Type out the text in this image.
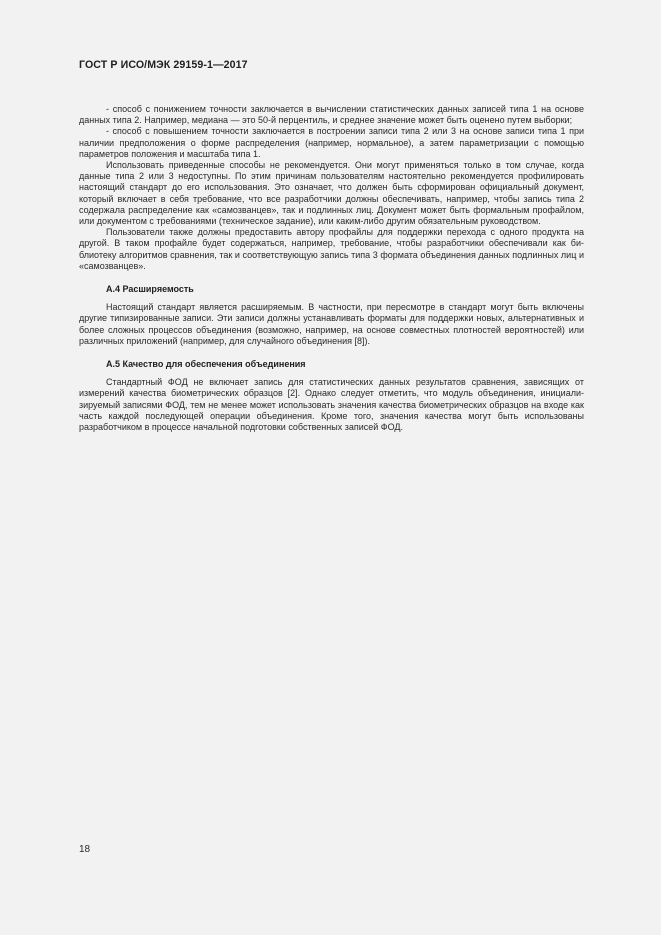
ГОСТ Р ИСО/МЭК 29159-1—2017

- способ с понижением точности заключается в вычислении статистических данных записей типа 1 на основе данных типа 2. Например, медиана — это 50-й перцентиль, и среднее значение может быть оценено путем выборки;

- способ с повышением точности заключается в построении записи типа 2 или 3 на основе записи типа 1 при наличии предположения о форме распределения (например, нормальное), а затем параметризации с помощью параметров положения и масштаба типа 1.

Использовать приведенные способы не рекомендуется. Они могут применяться только в том случае, когда данные типа 2 или 3 недоступны. По этим причинам пользователям настоятельно рекомендуется профилировать настоящий стандарт до его использования. Это означает, что должен быть сформирован официальный документ, который включает в себя требование, что все разработчики должны обеспечивать, например, чтобы запись типа 2 содержала распределение как «самозванцев», так и подлинных лиц. Документ может быть формальным профайлом, или документом с требованиями (техническое задание), или каким-либо другим обязательным руководством.

Пользователи также должны предоставить автору профайлы для поддержки перехода с одного продукта на другой. В таком профайле будет содержаться, например, требование, чтобы разработчики обеспечивали как библиотеку алгоритмов сравнения, так и соответствующую запись типа 3 формата объединения данных подлинных лиц и «самозванцев».

А.4 Расширяемость

Настоящий стандарт является расширяемым. В частности, при пересмотре в стандарт могут быть включены другие типизированные записи. Эти записи должны устанавливать форматы для поддержки новых, альтернативных и более сложных процессов объединения (возможно, например, на основе совместных плотностей вероятностей) или различных приложений (например, для случайного объединения [8]).

А.5 Качество для обеспечения объединения

Стандартный ФОД не включает запись для статистических данных результатов сравнения, зависящих от измерений качества биометрических образцов [2]. Однако следует отметить, что модуль объединения, инициализируемый записями ФОД, тем не менее может использовать значения качества биометрических образцов на входе как часть каждой последующей операции объединения. Кроме того, значения качества могут быть использованы разработчиком в процессе начальной подготовки собственных записей ФОД.

18
